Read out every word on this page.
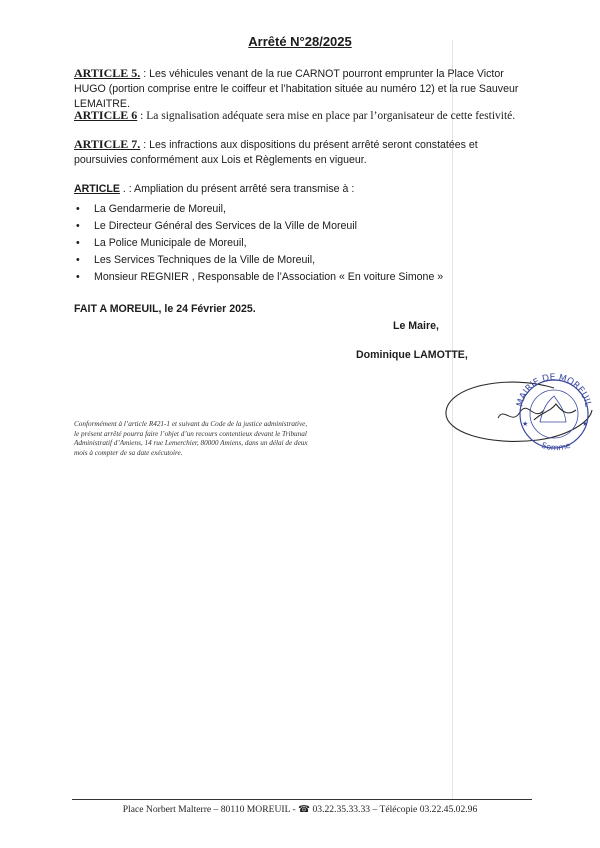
Arrêté N°28/2025
ARTICLE 5. : Les véhicules venant de la rue CARNOT pourront emprunter la Place Victor HUGO (portion comprise entre le coiffeur et l’habitation située au numéro 12) et la rue Sauveur LEMAITRE.
ARTICLE 6 : La signalisation adéquate sera mise en place par l’organisateur de cette festivité.
ARTICLE 7. : Les infractions aux dispositions du présent arrêté seront constatées et poursuivies conformément aux Lois et Règlements en vigueur.
ARTICLE . : Ampliation du présent arrêté sera transmise à :
• La Gendarmerie de Moreuil,
• Le Directeur Général des Services de la Ville de Moreuil
• La Police Municipale de Moreuil,
• Les Services Techniques de la Ville de Moreuil,
• Monsieur REGNIER , Responsable de l’Association « En voiture Simone »
FAIT A MOREUIL, le 24 Février 2025.
Le Maire,
Dominique LAMOTTE,
MAIRIE DE MOREUIL
Somme
★	★
Conformément à l’article R421-1 et suivant du Code de la justice administrative,
le présent arrêté pourra faire l’objet d’un recours contentieux devant le Tribunal
Administratif d’Amiens, 14 rue Lemerchier, 80000 Amiens, dans un délai de deux
mois à compter de sa date exécutoire.
Place Norbert Malterre – 80110 MOREUIL - ☎ 03.22.35.33.33 – Télécopie 03.22.45.02.96
